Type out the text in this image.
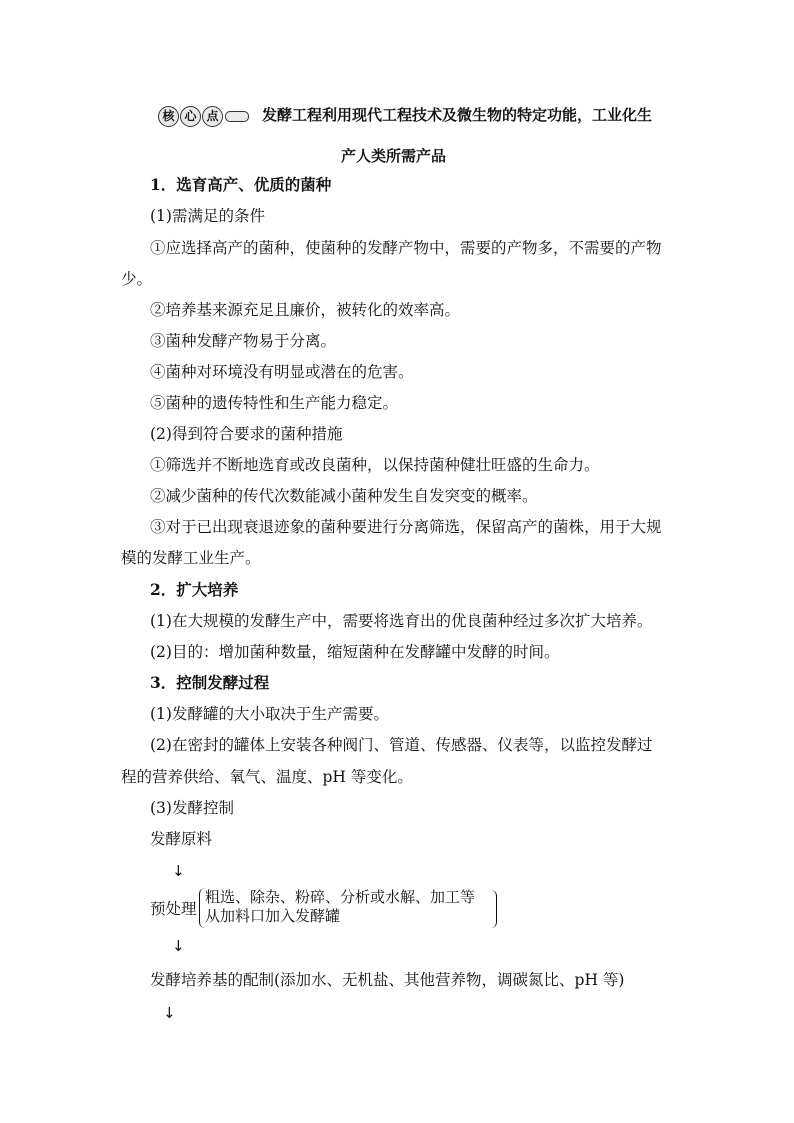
核 心 点	发酵工程利用现代工程技术及微生物的特定功能，工业化生
产人类所需产品
1．选育高产、优质的菌种
(1)需满足的条件
①应选择高产的菌种，使菌种的发酵产物中，需要的产物多，不需要的产物
少。
②培养基来源充足且廉价，被转化的效率高。
③菌种发酵产物易于分离。
④菌种对环境没有明显或潜在的危害。
⑤菌种的遗传特性和生产能力稳定。
(2)得到符合要求的菌种措施
①筛选并不断地选育或改良菌种，以保持菌种健壮旺盛的生命力。
②减少菌种的传代次数能减小菌种发生自发突变的概率。
③对于已出现衰退迹象的菌种要进行分离筛选，保留高产的菌株，用于大规
模的发酵工业生产。
2．扩大培养
(1)在大规模的发酵生产中，需要将选育出的优良菌种经过多次扩大培养。
(2)目的：增加菌种数量，缩短菌种在发酵罐中发酵的时间。
3．控制发酵过程
(1)发酵罐的大小取决于生产需要。
(2)在密封的罐体上安装各种阀门、管道、传感器、仪表等，以监控发酵过
程的营养供给、氧气、温度、pH 等变化。
(3)发酵控制
发酵原料
↓
预处理
粗选、除杂、粉碎、分析或水解、加工等
从加料口加入发酵罐
↓
发酵培养基的配制(添加水、无机盐、其他营养物，调碳氮比、pH 等)
↓
